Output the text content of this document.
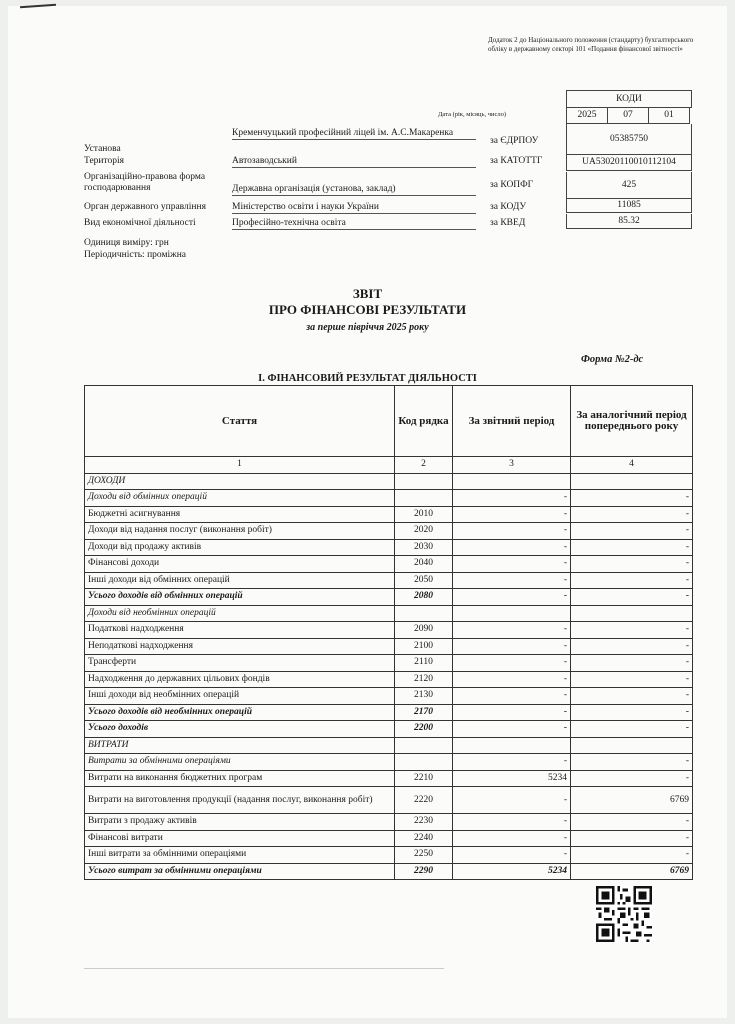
Додаток 2 до Національного положення (стандарту) бухгалтерського обліку в державному секторі 101 «Подання фінансової звітності»
КОДИ
Дата (рік, місяць, число)	2025	07	01
Установа
Кременчуцький професійний ліцей ім. А.С.Макаренка
за ЄДРПОУ	05385750
Територія	Автозаводський	за КАТОТТГ	UA53020110010112104
Організаційно-правова форма господарювання	Державна організація (установа, заклад)	за КОПФГ	425
Орган державного управління	Міністерство освіти і науки України	за КОДУ	11085
Вид економічної діяльності	Професійно-технічна освіта	за КВЕД	85.32
Одиниця виміру: грн
Періодичність: проміжна
ЗВІТ
ПРО ФІНАНСОВІ РЕЗУЛЬТАТИ
за перше півріччя 2025 року
Форма №2-дс
I. ФІНАНСОВИЙ РЕЗУЛЬТАТ ДІЯЛЬНОСТІ
Стаття	Код рядка	За звітний період	За аналогічний період попереднього року
1	2	3	4
ДОХОДИ			
Доходи від обмінних операцій		-	-
Бюджетні асигнування	2010	-	-
Доходи від надання послуг (виконання робіт)	2020	-	-
Доходи від продажу активів	2030	-	-
Фінансові доходи	2040	-	-
Інші доходи від обмінних операцій	2050	-	-
Усього доходів від обмінних операцій	2080	-	-
Доходи від необмінних операцій			
Податкові надходження	2090	-	-
Неподаткові надходження	2100	-	-
Трансферти	2110	-	-
Надходження до державних цільових фондів	2120	-	-
Інші доходи від необмінних операцій	2130	-	-
Усього доходів від необмінних операцій	2170	-	-
Усього доходів	2200	-	-
ВИТРАТИ			
Витрати за обмінними операціями		-	-
Витрати на виконання бюджетних програм	2210	5234	-
Витрати на виготовлення продукції (надання послуг, виконання робіт)	2220	-	6769
Витрати з продажу активів	2230	-	-
Фінансові витрати	2240	-	-
Інші витрати за обмінними операціями	2250	-	-
Усього витрат за обмінними операціями	2290	5234	6769
